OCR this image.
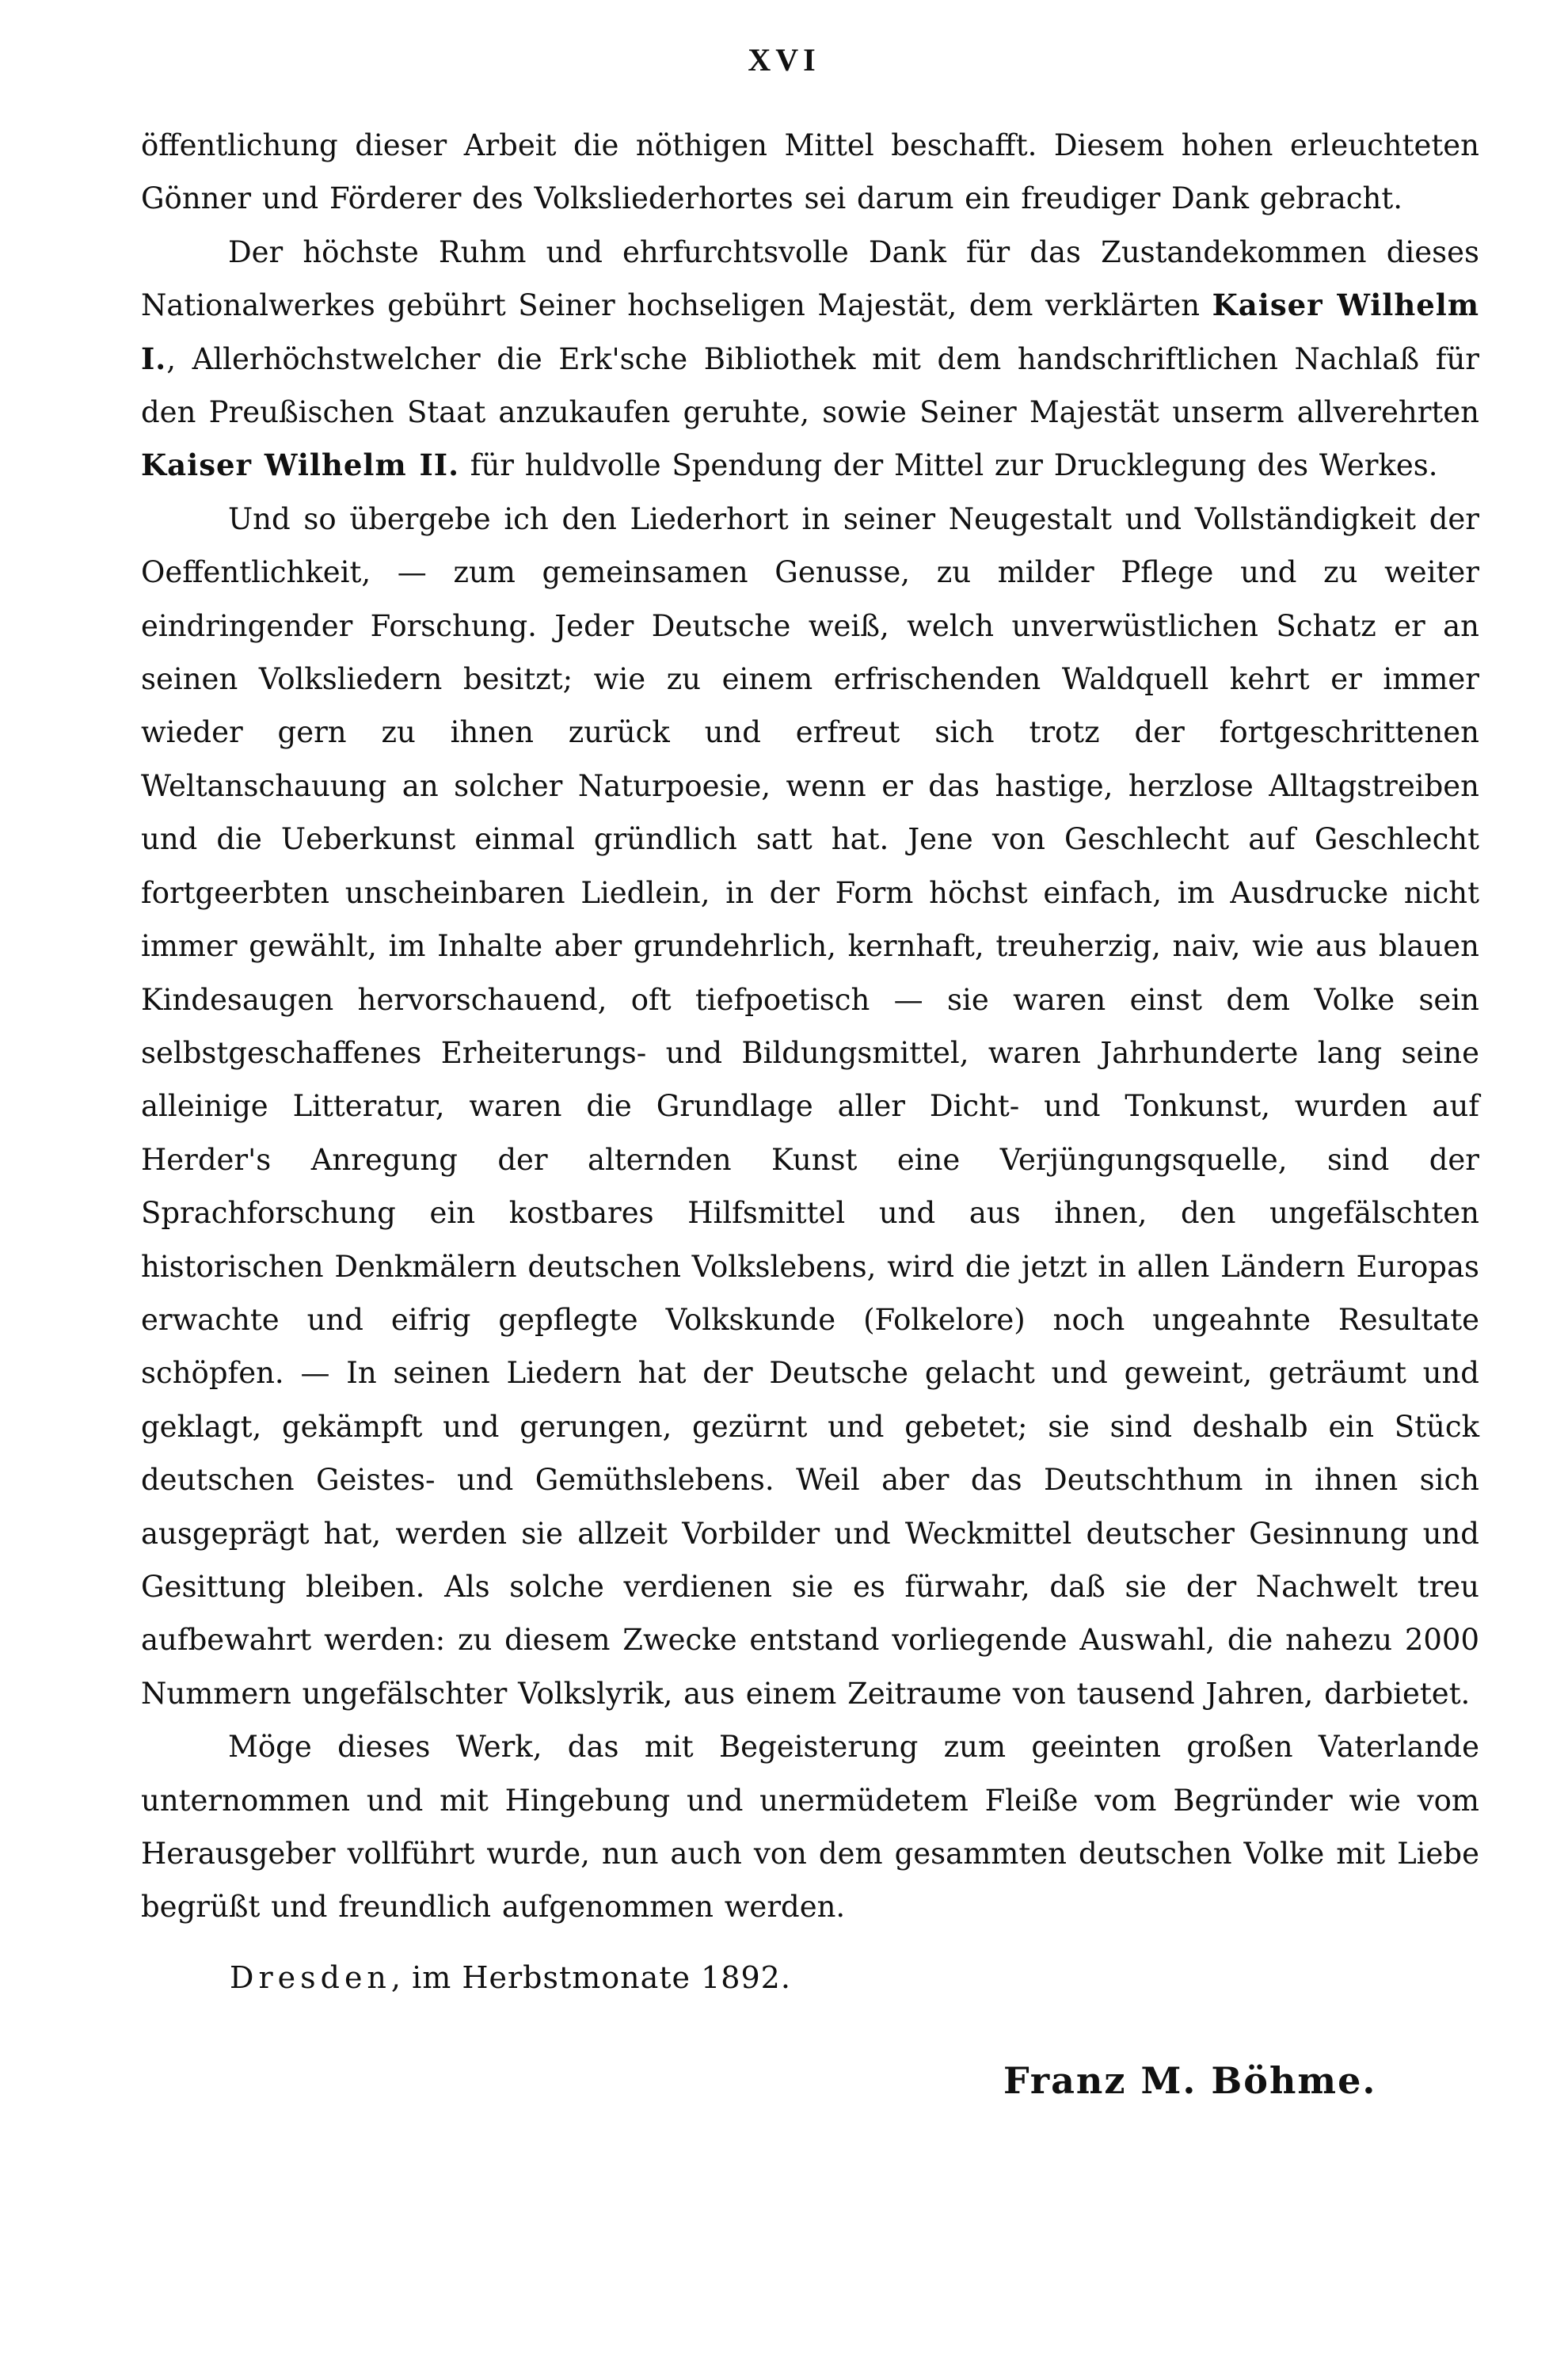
XVI

öffentlichung dieser Arbeit die nöthigen Mittel beschafft. Diesem hohen erleuchteten Gönner und Förderer des Volksliederhortes sei darum ein freudiger Dank gebracht.

Der höchste Ruhm und ehrfurchtsvolle Dank für das Zustandekommen dieses Nationalwerkes gebührt Seiner hochseligen Majestät, dem verklärten Kaiser Wilhelm I., Allerhöchstwelcher die Erk'sche Bibliothek mit dem handschriftlichen Nachlaß für den Preußischen Staat anzukaufen geruhte, sowie Seiner Majestät unserm allverehrten Kaiser Wilhelm II. für huldvolle Spendung der Mittel zur Drucklegung des Werkes.

Und so übergebe ich den Liederhort in seiner Neugestalt und Vollständigkeit der Oeffentlichkeit, — zum gemeinsamen Genusse, zu milder Pflege und zu weiter eindringender Forschung. Jeder Deutsche weiß, welch unverwüstlichen Schatz er an seinen Volksliedern besitzt; wie zu einem erfrischenden Waldquell kehrt er immer wieder gern zu ihnen zurück und erfreut sich trotz der fortgeschrittenen Weltanschauung an solcher Naturpoesie, wenn er das hastige, herzlose Alltagstreiben und die Ueberkunst einmal gründlich satt hat. Jene von Geschlecht auf Geschlecht fortgeerbten unscheinbaren Liedlein, in der Form höchst einfach, im Ausdrucke nicht immer gewählt, im Inhalte aber grundehrlich, kernhaft, treuherzig, naiv, wie aus blauen Kindesaugen hervorschauend, oft tiefpoetisch — sie waren einst dem Volke sein selbstgeschaffenes Erheiterungs- und Bildungsmittel, waren Jahrhunderte lang seine alleinige Litteratur, waren die Grundlage aller Dicht- und Tonkunst, wurden auf Herder's Anregung der alternden Kunst eine Verjüngungsquelle, sind der Sprachforschung ein kostbares Hilfsmittel und aus ihnen, den ungefälschten historischen Denkmälern deutschen Volkslebens, wird die jetzt in allen Ländern Europas erwachte und eifrig gepflegte Volkskunde (Folkelore) noch ungeahnte Resultate schöpfen. — In seinen Liedern hat der Deutsche gelacht und geweint, geträumt und geklagt, gekämpft und gerungen, gezürnt und gebetet; sie sind deshalb ein Stück deutschen Geistes- und Gemüthslebens. Weil aber das Deutschthum in ihnen sich ausgeprägt hat, werden sie allzeit Vorbilder und Weckmittel deutscher Gesinnung und Gesittung bleiben. Als solche verdienen sie es fürwahr, daß sie der Nachwelt treu aufbewahrt werden: zu diesem Zwecke entstand vorliegende Auswahl, die nahezu 2000 Nummern ungefälschter Volkslyrik, aus einem Zeitraume von tausend Jahren, darbietet.

Möge dieses Werk, das mit Begeisterung zum geeinten großen Vaterlande unternommen und mit Hingebung und unermüdetem Fleiße vom Begründer wie vom Herausgeber vollführt wurde, nun auch von dem gesammten deutschen Volke mit Liebe begrüßt und freundlich aufgenommen werden.

Dresden, im Herbstmonate 1892.
Franz M. Böhme.
